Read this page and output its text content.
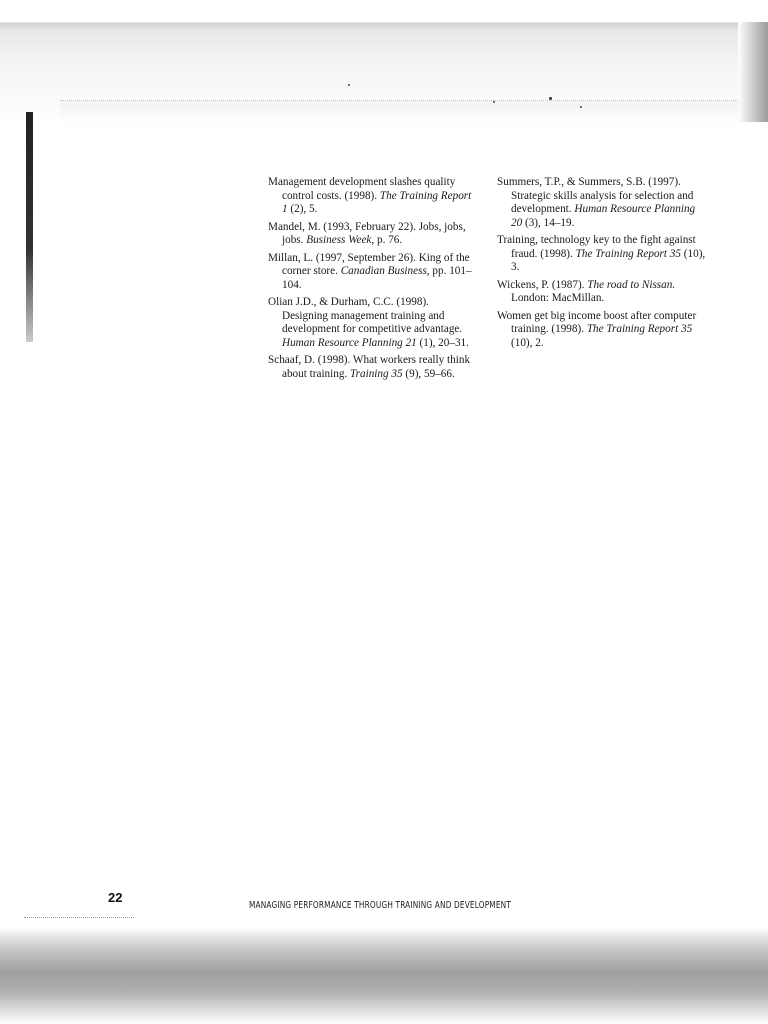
Management development slashes quality control costs. (1998). The Training Report 1 (2), 5.

Mandel, M. (1993, February 22). Jobs, jobs, jobs. Business Week, p. 76.

Millan, L. (1997, September 26). King of the corner store. Canadian Business, pp. 101–104.

Olian J.D., & Durham, C.C. (1998). Designing management training and development for competitive advantage. Human Resource Planning 21 (1), 20–31.

Schaaf, D. (1998). What workers really think about training. Training 35 (9), 59–66.

Summers, T.P., & Summers, S.B. (1997). Strategic skills analysis for selection and development. Human Resource Planning 20 (3), 14–19.

Training, technology key to the fight against fraud. (1998). The Training Report 35 (10), 3.

Wickens, P. (1987). The road to Nissan. London: MacMillan.

Women get big income boost after computer training. (1998). The Training Report 35 (10), 2.

22
MANAGING PERFORMANCE THROUGH TRAINING AND DEVELOPMENT
